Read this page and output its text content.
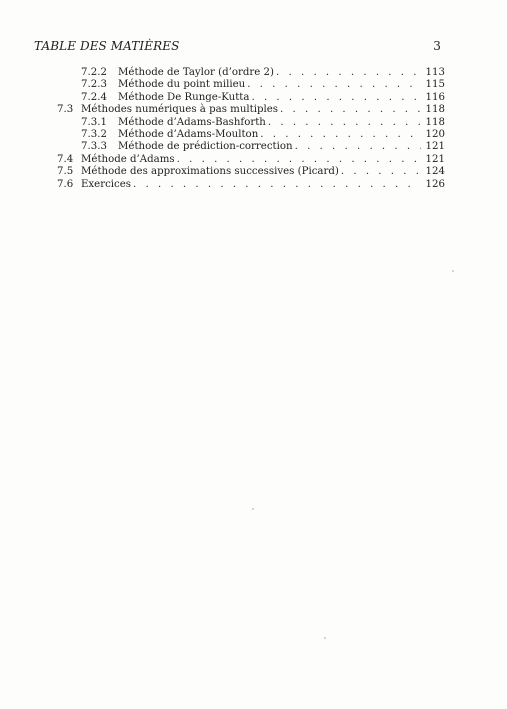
TABLE DES MATIÈRES	3
7.2.2	Méthode de Taylor (d’ordre 2) . . .	113
7.2.3	Méthode du point milieu . . .	115
7.2.4	Méthode De Runge-Kutta . . .	116
7.3 Méthodes numériques à pas multiples . . .	118
7.3.1	Méthode d’Adams-Bashforth . . .	118
7.3.2	Méthode d’Adams-Moulton . . .	120
7.3.3	Méthode de prédiction-correction . . .	121
7.4 Méthode d’Adams . . .	121
7.5 Méthode des approximations successives (Picard) . . .	124
7.6 Exercices . . .	126
